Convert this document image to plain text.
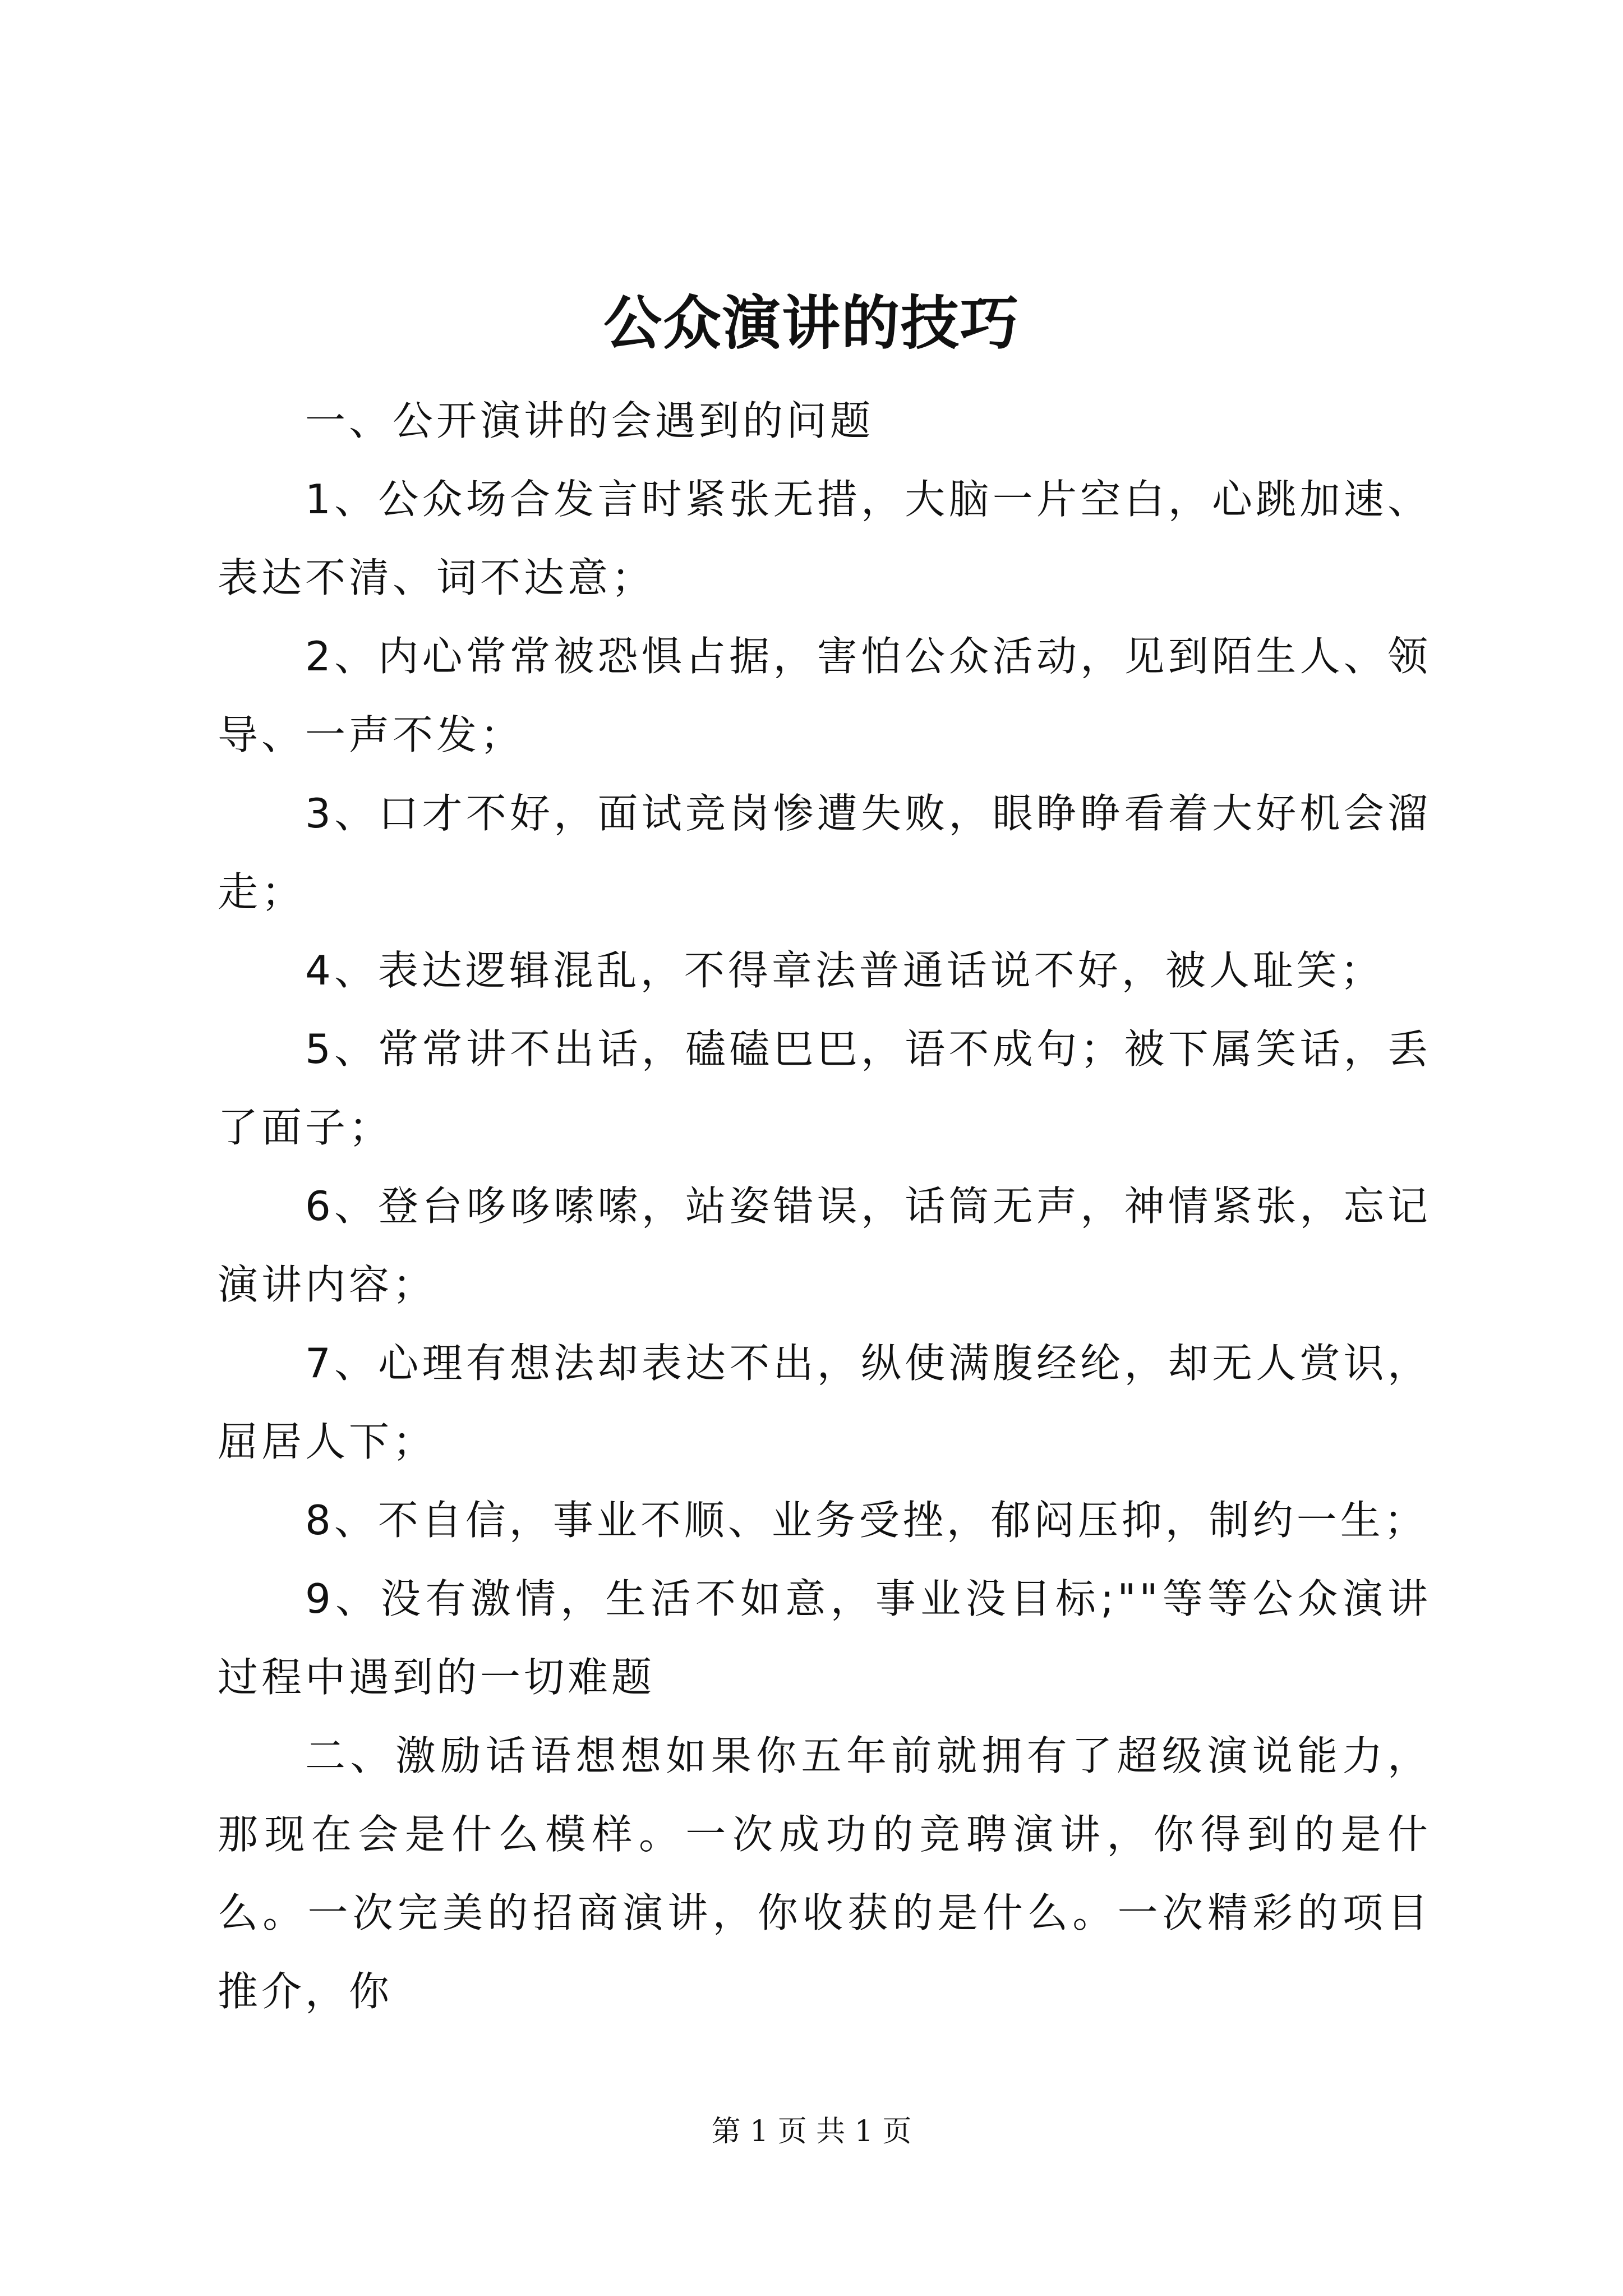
公众演讲的技巧

一、公开演讲的会遇到的问题

1、公众场合发言时紧张无措，大脑一片空白，心跳加速、表达不清、词不达意；

2、内心常常被恐惧占据，害怕公众活动，见到陌生人、领导、一声不发；

3、口才不好，面试竞岗惨遭失败，眼睁睁看着大好机会溜走；

4、表达逻辑混乱，不得章法普通话说不好，被人耻笑；

5、常常讲不出话，磕磕巴巴，语不成句；被下属笑话，丢了面子；

6、登台哆哆嗦嗦，站姿错误，话筒无声，神情紧张，忘记演讲内容；

7、心理有想法却表达不出，纵使满腹经纶，却无人赏识，屈居人下；

8、不自信，事业不顺、业务受挫，郁闷压抑，制约一生；

9、没有激情，生活不如意，事业没目标;""等等公众演讲过程中遇到的一切难题

二、激励话语想想如果你五年前就拥有了超级演说能力，那现在会是什么模样。一次成功的竞聘演讲，你得到的是什么。一次完美的招商演讲，你收获的是什么。一次精彩的项目推介，你

第 1 页 共 1 页
